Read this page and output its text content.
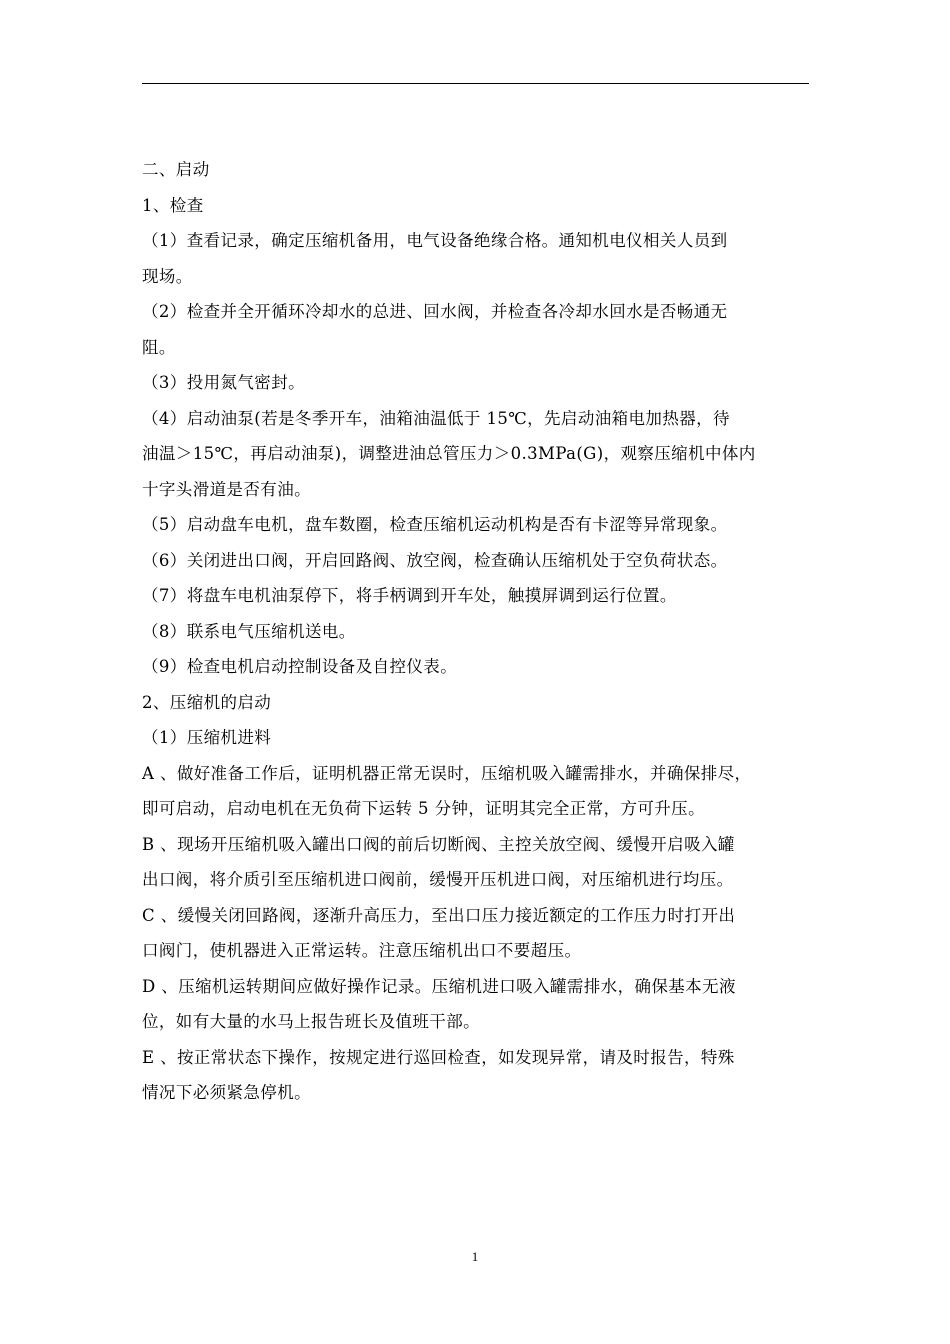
二、启动
1、检查
（1）查看记录，确定压缩机备用，电气设备绝缘合格。通知机电仪相关人员到
现场。
（2）检查并全开循环冷却水的总进、回水阀，并检查各冷却水回水是否畅通无
阻。
（3）投用氮气密封。
（4）启动油泵(若是冬季开车，油箱油温低于 15℃，先启动油箱电加热器，待
油温＞15℃，再启动油泵)，调整进油总管压力＞0.3MPa(G)，观察压缩机中体内
十字头滑道是否有油。
（5）启动盘车电机，盘车数圈，检查压缩机运动机构是否有卡涩等异常现象。
（6）关闭进出口阀，开启回路阀、放空阀，检查确认压缩机处于空负荷状态。
（7）将盘车电机油泵停下，将手柄调到开车处，触摸屏调到运行位置。
（8）联系电气压缩机送电。
（9）检查电机启动控制设备及自控仪表。
2、压缩机的启动
（1）压缩机进料
A 、做好准备工作后，证明机器正常无误时，压缩机吸入罐需排水，并确保排尽，
即可启动，启动电机在无负荷下运转 5 分钟，证明其完全正常，方可升压。
B 、现场开压缩机吸入罐出口阀的前后切断阀、主控关放空阀、缓慢开启吸入罐
出口阀，将介质引至压缩机进口阀前，缓慢开压机进口阀，对压缩机进行均压。
C 、缓慢关闭回路阀，逐渐升高压力，至出口压力接近额定的工作压力时打开出
口阀门，使机器进入正常运转。注意压缩机出口不要超压。
D 、压缩机运转期间应做好操作记录。压缩机进口吸入罐需排水，确保基本无液
位，如有大量的水马上报告班长及值班干部。
E 、按正常状态下操作，按规定进行巡回检查，如发现异常，请及时报告，特殊
情况下必须紧急停机。
1
